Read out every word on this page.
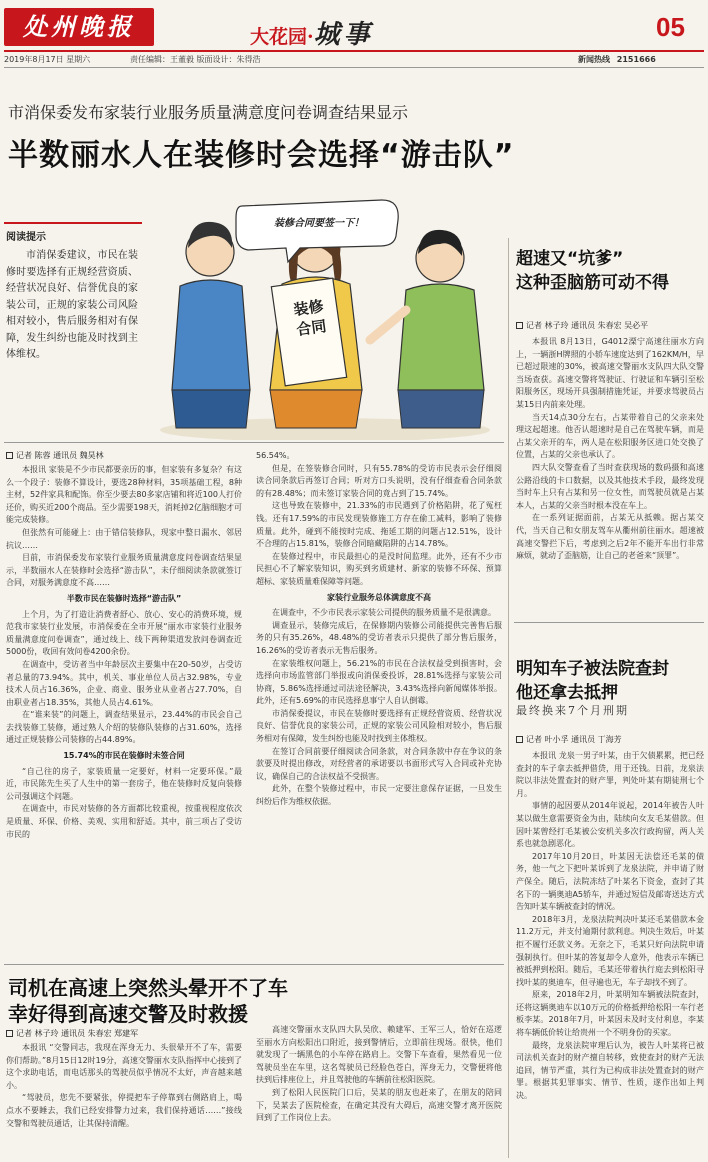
处州晚报	大花园 · 城事	05
2019年8月17日 星期六	责任编辑：王董毅 版面设计：朱得浩	新闻热线 2151666
市消保委发布家装行业服务质量满意度问卷调查结果显示
半数丽水人在装修时会选择“游击队”
装修合同要签一下！
装修
合同
阅读提示
市消保委建议，市民在装修时要选择有正规经营资质、经营状况良好、信誉优良的家装公司，正规的家装公司风险相对较小，售后服务相对有保障，发生纠纷也能及时找到主体维权。
记者 陈蓉 通讯员 魏昊林

本报讯 家装是不少市民都要亲历的事，但家装有多复杂？有这么一个段子：装修不算设计，要选28种材料，35项基础工程，8种主材，52件家具和配饰。你至少要去80多家店铺和将近100人打价还价，购买近200个商品。至少需要198天，消耗掉2亿脑细胞才可能完成装修。

但张然有可能碰上：由于错信装修队，现家中整日漏水、邻居抗议……

目前，市消保委发布家装行业服务质量满意度问卷调查结果显示，半数丽水人在装修时会选择“游击队”，未仔细阅读条款就签订合同，对服务满意度不高……

半数市民在装修时选择“游击队”

上个月，为了打造让消费者舒心、放心、安心的消费环境，规范我市家装行业发展，市消保委在全市开展“丽水市家装行业服务质量满意度问卷调查”，通过线上、线下两种渠道发放问卷调查近5000份，收回有效问卷4200余份。

在调查中，受访者当中年龄层次主要集中在20-50岁，占受访者总量的73.94%。其中，机关、事业单位人员占32.98%，专业技术人员占16.36%，企业、商业、服务业从业者占27.70%，自由职业者占18.35%，其他人员占4.61%。

在“谁来装”的问题上，调查结果显示，23.44%的市民会自己去找装修工装修，通过熟人介绍的装修队装修的占31.60%，选择通过正规装修公司装修的占44.89%。

15.74%的市民在装修时未签合同

“自己往的房子，家装质量一定要好，材料一定要环保。”最近，市民陈先生买了人生中的第一套房子，他在装修时反复向装修公司强调这个问题。

在调查中，市民对装修的各方面都比较重视，按重视程度依次是质量、环保、价格、美观、实用和舒适。其中，前三项占了受访市民的

56.54%。

但是，在签装修合同时，只有55.78%的受访市民表示会仔细阅读合同条款后再签订合同；听对方口头说明，没有仔细查看合同条款的有28.48%；而未签订家装合同的竟占到了15.74%。

这也导致在装修中，21.33%的市民遇到了价格陷阱，花了冤枉钱。还有17.59%的市民发现装修施工方存在偷工减料，影响了装修质量。此外，碰到不能按时完成、拖延工期的问题占12.51%，设计不合理的占15.81%，装修合同暗藏陷阱的占14.78%。

在装修过程中，市民最担心的是没时间监理。此外，还有不少市民担心不了解家装知识，购买到劣质建材、新家的装修不环保、预算超标、家装质量难保障等问题。

家装行业服务总体满意度不高

在调查中，不少市民表示家装公司提供的服务质量不是很满意。

调查显示，装修完成后，在保修期内装修公司能提供完善售后服务的只有35.26%，48.48%的受访者表示只提供了部分售后服务，16.26%的受访者表示无售后服务。

在家装维权问题上，56.21%的市民在合法权益受到损害时，会选择向市场监管部门举报或向消保委投诉，28.81%选择与家装公司协商，5.86%选择通过司法途径解决，3.43%选择向新闻媒体举报。此外，还有5.69%的市民选择息事宁人自认倒霉。

市消保委提议，市民在装修时要选择有正规经营资质、经营状况良好、信誉优良的家装公司，正规的家装公司风险相对较小，售后服务相对有保障，发生纠纷也能及时找到主体维权。

在签订合同前要仔细阅读合同条款，对合同条款中存在争议的条款要及时提出修改，对经营者的承诺要以书面形式写入合同或补充协议，确保自己的合法权益不受损害。

此外，在整个装修过程中，市民一定要注意保存证据，一旦发生纠纷后作为维权依据。

司机在高速上突然头晕开不了车
幸好得到高速交警及时救援
记者 林子玲 通讯员 朱春宏 郑建军

本报讯 “交警同志，我现在浑身无力、头很晕开不了车，需要你们帮助。”8月15日12时19分，高速交警丽水支队指挥中心接到了这个求助电话，而电话那头的驾驶员似乎情况不太好，声音越来越小。

“驾驶员，您先不要紧张，停提把车子停靠到右侧路肩上，喝点水不要睡去，我们已经安排警力过来，我们保持通话……”接线交警和驾驶员通话，让其保持清醒。

高速交警丽水支队四大队吴欣、赖建军、王军三人，恰好在巡逻至丽水方向松阳出口附近，接到警情后，立即前往现场。很快，他们就发现了一辆黑色的小车停在路肩上。交警下车查看，果然看见一位驾驶员坐在车里，这名驾驶员已经脸色苍白，浑身无力，交警便将他扶到后排座位上，并且驾驶他的车辆前往松阳医院。

到了松阳人民医院门口后，吴某的朋友也赶来了，在朋友的陪同下，吴某去了医院检查，在确定其没有大碍后，高速交警才离开医院回到了工作岗位上去。

超速又“坑爹”
这种歪脑筋可动不得
记者 林子玲 通讯员 朱春宏 吴必平

本报讯 8月13日，G4012溧宁高速往丽水方向上，一辆浙H牌照的小轿车速度达到了162KM/H，早已超过限速的30%，被高速交警丽水支队四大队交警当场查获。高速交警将驾驶证、行驶证和车辆引至松阳服务区，现场开具强制措施凭证，并要求驾驶员占某15日内前来处理。

当天14点30分左右，占某带着自己的父亲来处理这起超速。他否认超速时是自己在驾驶车辆，而是占某父亲开的车，两人是在松阳服务区进口处交换了位置，占某的父亲也承认了。

四大队交警查看了当时查获现场的数码摄和高速公路沿线的卡口数据，以及其他技术手段，最终发现当时车上只有占某和另一位女性，而驾驶员就是占某本人，占某的父亲当时根本没在车上。

在一系列证据面前，占某无从抵赖。据占某交代，当天自己和女朋友驾车从衢州前往丽水。超速被高速交警拦下后，考虑到之后2年不能开车出行非常麻烦，就动了歪脑筋，让自己的老爸来“顶罪”。

明知车子被法院查封
他还拿去抵押
最终换来7个月刑期
记者 叶小孚 通讯员 丁海芳

本报讯 龙泉一男子叶某，由于欠债累累，把已经查封的车子拿去抵押借贷，用于还钱。日前，龙泉法院以非法处置查封的财产罪，判处叶某有期徒刑七个月。

事情的起因要从2014年说起，2014年被告人叶某以做生意需要资金为由，陆续向女友毛某借款。但因叶某曾经打毛某被公安机关多次行政拘留，两人关系也就急剧恶化。

2017年10月20日，叶某因无法偿还毛某的债务，他一气之下把叶某诉到了龙泉法院，并申请了财产保全。随后，法院冻结了叶某名下资金，查封了其名下的一辆奥迪A5轿车，并通过短信及邮寄送达方式告知叶某车辆被查封的情况。

2018年3月，龙泉法院判决叶某还毛某借款本金11.2万元，并支付逾期付款利息。判决生效后，叶某拒不履行还款义务。无奈之下，毛某只好向法院申请强制执行。但叶某的答复却令人意外，他表示车辆已被抵押到松阳。随后，毛某还带着执行庭去到松阳寻找叶某的奥迪车，但寻遍也无，车子却找不到了。

原来，2018年2月，叶某明知车辆被法院查封，还将这辆奥迪车以10万元的价格抵押给松阳一车行老板李某。2018年7月，叶某因未及时支付利息，李某将车辆低价转让给贵州一个不明身份的买家。

最终，龙泉法院审理后认为，被告人叶某将已被司法机关查封的财产擅自转移，致使查封的财产无法追回，情节严重，其行为已构成非法处置查封的财产罪。根据其犯罪事实、情节、性质，遂作出如上判决。
